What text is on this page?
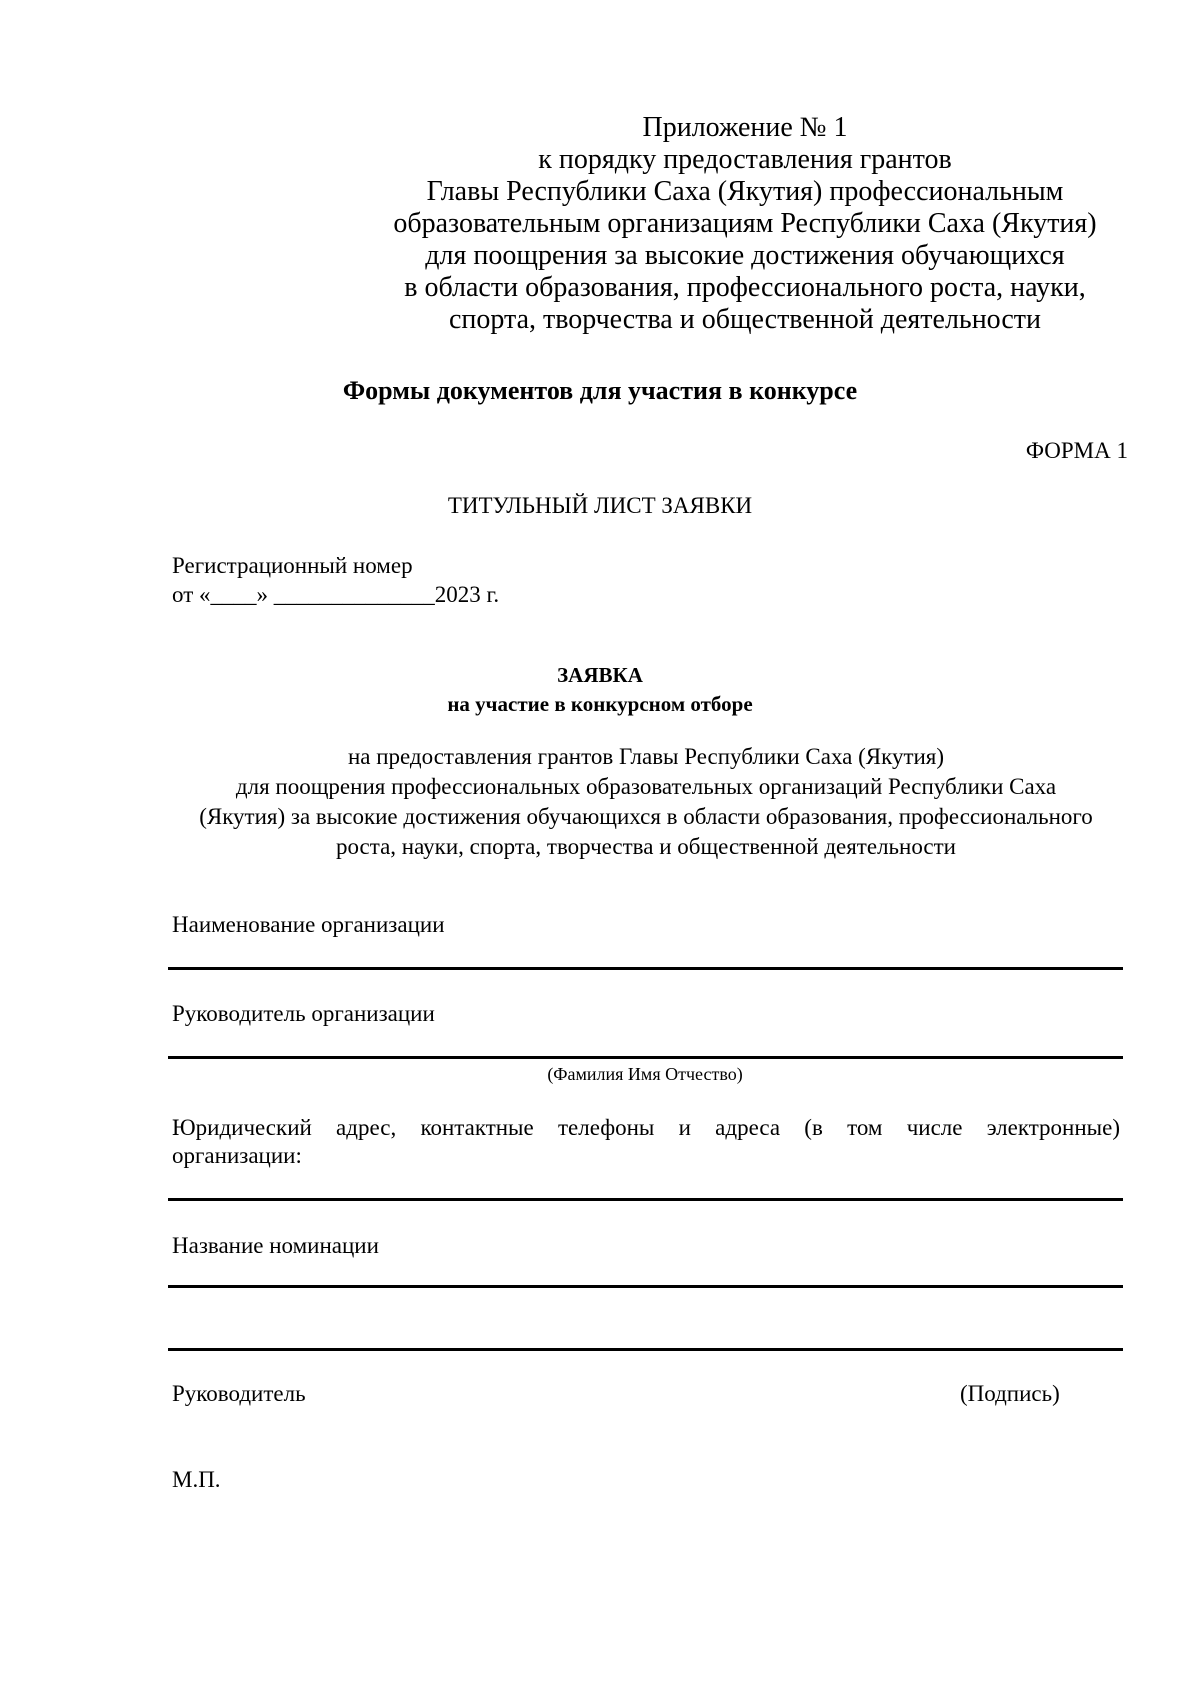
Приложение № 1
к порядку предоставления грантов
Главы Республики Саха (Якутия) профессиональным
образовательным организациям Республики Саха (Якутия)
для поощрения за высокие достижения обучающихся
в области образования, профессионального роста, науки,
спорта, творчества и общественной деятельности
Формы документов для участия в конкурсе
ФОРМА 1
ТИТУЛЬНЫЙ ЛИСТ ЗАЯВКИ
Регистрационный номер
от «____» ______________2023 г.
ЗАЯВКА
на участие в конкурсном отборе
на предоставления грантов Главы Республики Саха (Якутия)
для поощрения профессиональных образовательных организаций Республики Саха
(Якутия) за высокие достижения обучающихся в области образования, профессионального
роста, науки, спорта, творчества и общественной деятельности
Наименование организации
Руководитель организации
(Фамилия Имя Отчество)
Юридический адрес, контактные телефоны и адреса (в том числе электронные)
организации:
Название номинации
Руководитель	(Подпись)
М.П.
